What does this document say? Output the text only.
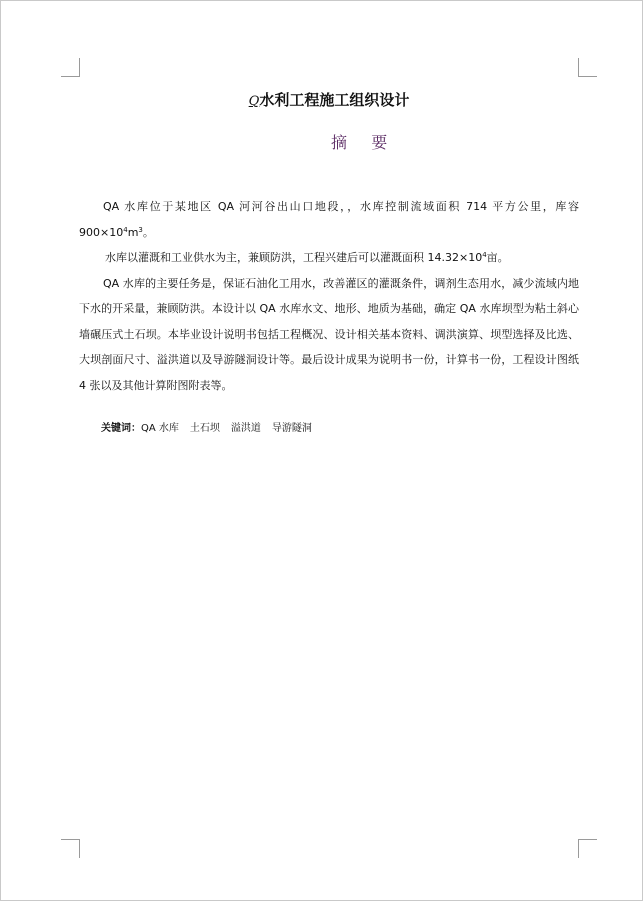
Q水利工程施工组织设计
摘 要

QA 水库位于某地区 QA 河河谷出山口地段，，水库控制流域面积 714 平方公里，库容 $900\times 10^4m^3$。

水库以灌溉和工业供水为主，兼顾防洪，工程兴建后可以灌溉面积 $14.32\times 10^4$亩。

QA 水库的主要任务是，保证石油化工用水，改善灌区的灌溉条件，调剂生态用水，减少流域内地下水的开采量，兼顾防洪。本设计以 QA 水库水文、地形、地质为基础，确定 QA 水库坝型为粘土斜心墙碾压式土石坝。本毕业设计说明书包括工程概况、设计相关基本资料、调洪演算、坝型选择及比选、大坝剖面尺寸、溢洪道以及导游隧洞设计等。最后设计成果为说明书一份，计算书一份，工程设计图纸 4 张以及其他计算附图附表等。

关键词：QA 水库 土石坝 溢洪道 导游隧洞
